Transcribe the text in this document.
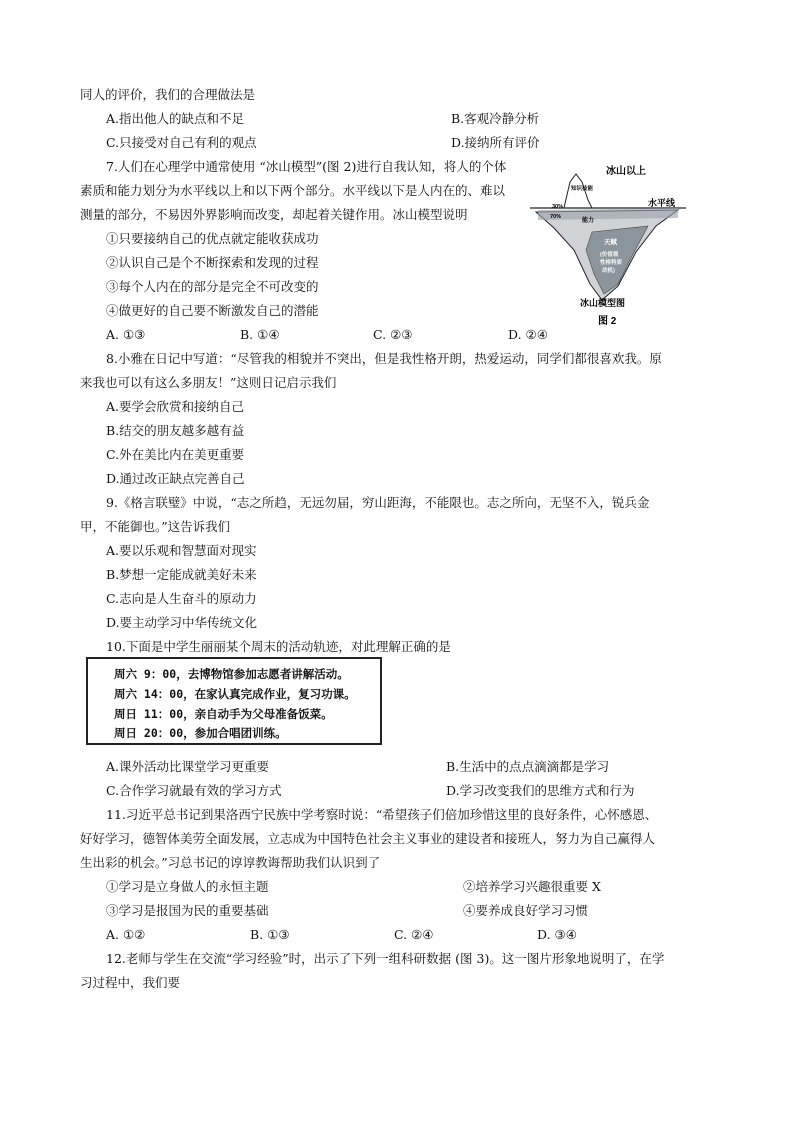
同人的评价，我们的合理做法是
A.指出他人的缺点和不足	B.客观冷静分析
C.只接受对自己有利的观点	D.接纳所有评价
7.人们在心理学中通常使用 “冰山模型”(图 2)进行自我认知，将人的个体
素质和能力划分为水平线以上和以下两个部分。水平线以下是人内在的、难以
测量的部分，不易因外界影响而改变，却起着关键作用。冰山模型说明
①只要接纳自己的优点就定能收获成功
②认识自己是个不断探索和发现的过程
③每个人内在的部分是完全不可改变的
④做更好的自己要不断激发自己的潜能
A. ①③	B. ①④	C. ②③	D. ②④
冰山以上
水平线
知识技能
30%
70%
能力
天赋
(价值观
性格特质
动机)
冰山模型图
图 2
8.小雅在日记中写道：“尽管我的相貌并不突出，但是我性格开朗，热爱运动，同学们都很喜欢我。原
来我也可以有这么多朋友！”这则日记启示我们
A.要学会欣赏和接纳自己
B.结交的朋友越多越有益
C.外在美比内在美更重要
D.通过改正缺点完善自己
9.《格言联璧》中说，“志之所趋，无远勿届，穷山距海，不能限也。志之所向，无坚不入，锐兵金
甲，不能御也。”这告诉我们
A.要以乐观和智慧面对现实
B.梦想一定能成就美好未来
C.志向是人生奋斗的原动力
D.要主动学习中华传统文化
10.下面是中学生丽丽某个周末的活动轨迹，对此理解正确的是
周六 9：00，去博物馆参加志愿者讲解活动。
周六 14：00，在家认真完成作业，复习功课。
周日 11：00，亲自动手为父母准备饭菜。
周日 20：00，参加合唱团训练。
A.课外活动比课堂学习更重要	B.生活中的点点滴滴都是学习
C.合作学习就最有效的学习方式	D.学习改变我们的思维方式和行为
11.习近平总书记到果洛西宁民族中学考察时说：“希望孩子们倍加珍惜这里的良好条件，心怀感恩、
好好学习，德智体美劳全面发展，立志成为中国特色社会主义事业的建设者和接班人，努力为自己赢得人
生出彩的机会。”习总书记的谆谆教诲帮助我们认识到了
①学习是立身做人的永恒主题	②培养学习兴趣很重要 X
③学习是报国为民的重要基础	④要养成良好学习习惯
A. ①②	B. ①③	C. ②④	D. ③④
12.老师与学生在交流“学习经验”时，出示了下列一组科研数据 (图 3)。这一图片形象地说明了，在学
习过程中，我们要
